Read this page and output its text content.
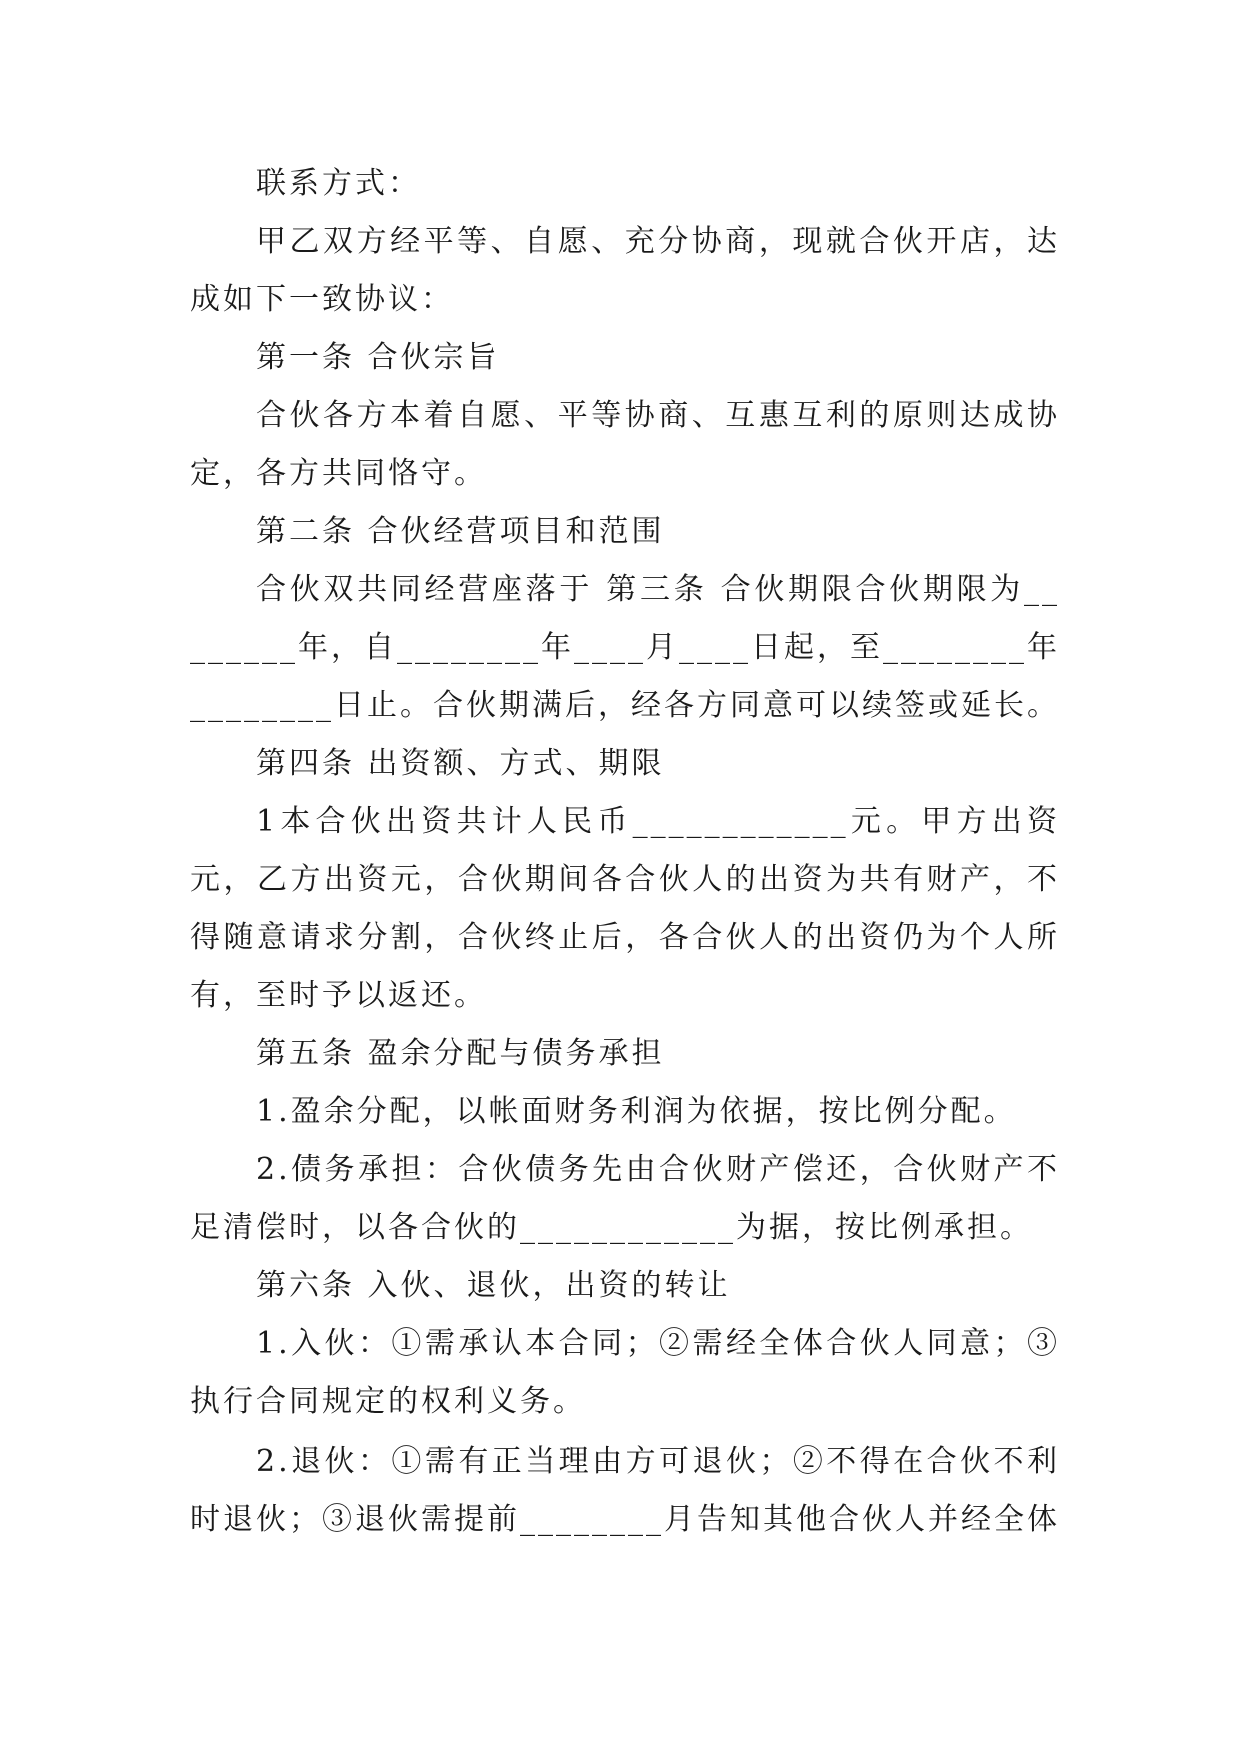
联系方式：

甲乙双方经平等、自愿、充分协商，现就合伙开店，达成如下一致协议：

第一条 合伙宗旨

合伙各方本着自愿、平等协商、互惠互利的原则达成协定，各方共同恪守。

第二条 合伙经营项目和范围

合伙双共同经营座落于 第三条 合伙期限合伙期限为________年，自________年____月____日起，至________年________日止。合伙期满后，经各方同意可以续签或延长。

第四条 出资额、方式、期限

1本合伙出资共计人民币____________元。甲方出资 元，乙方出资元，合伙期间各合伙人的出资为共有财产，不得随意请求分割，合伙终止后，各合伙人的出资仍为个人所有，至时予以返还。

第五条 盈余分配与债务承担

1.盈余分配，以帐面财务利润为依据，按比例分配。

2.债务承担：合伙债务先由合伙财产偿还，合伙财产不足清偿时，以各合伙的____________为据，按比例承担。

第六条 入伙、退伙，出资的转让

1.入伙：①需承认本合同；②需经全体合伙人同意；③执行合同规定的权利义务。

2.退伙：①需有正当理由方可退伙；②不得在合伙不利时退伙；③退伙需提前________月告知其他合伙人并经全体
